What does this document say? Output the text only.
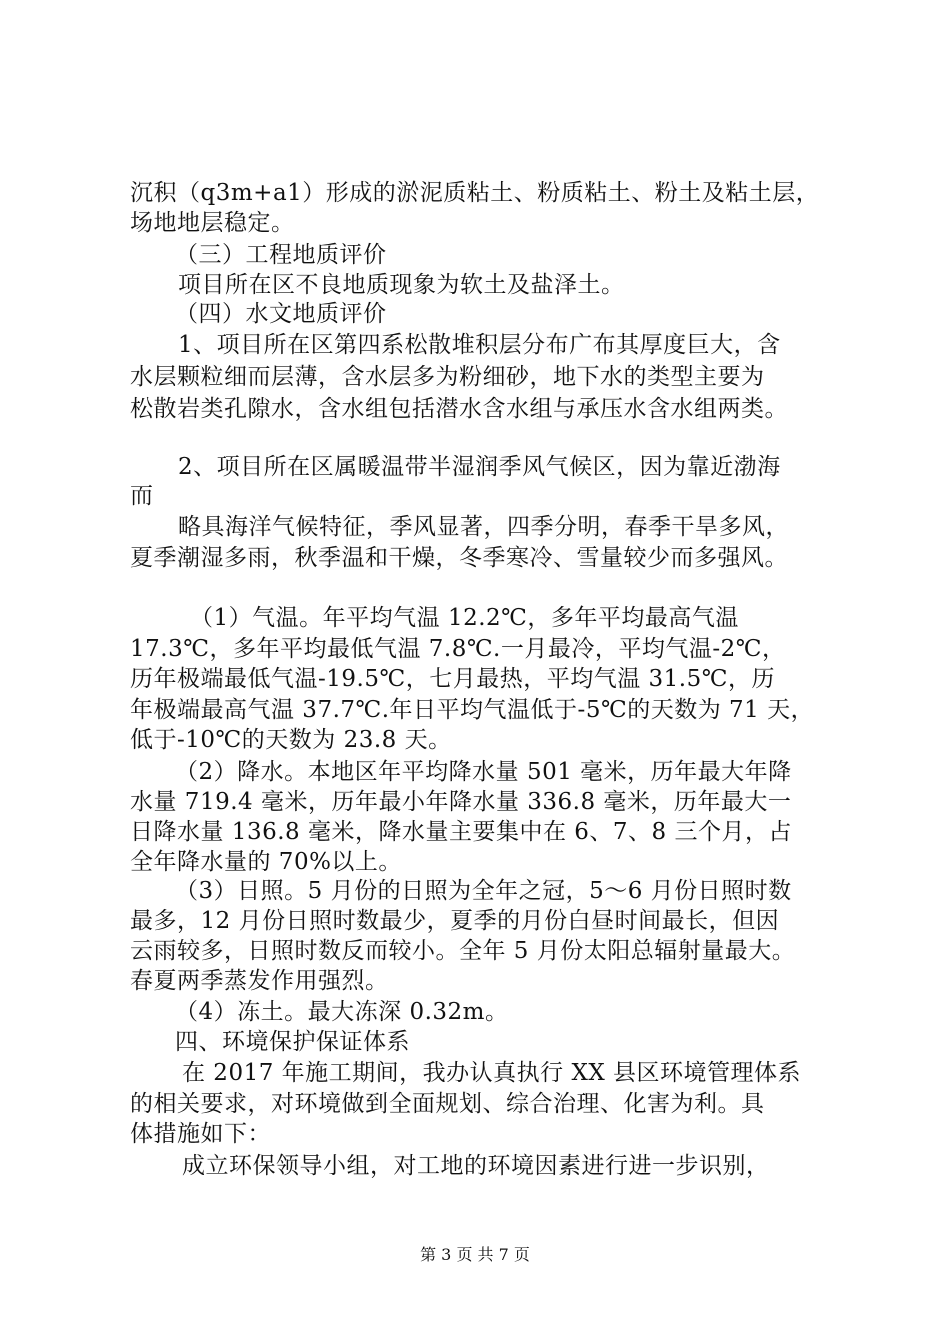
沉积（q3m+a1）形成的淤泥质粘土、粉质粘土、粉土及粘土层，
场地地层稳定。
（三）工程地质评价
项目所在区不良地质现象为软土及盐泽土。
（四）水文地质评价
1、项目所在区第四系松散堆积层分布广布其厚度巨大，含
水层颗粒细而层薄，含水层多为粉细砂，地下水的类型主要为
松散岩类孔隙水，含水组包括潜水含水组与承压水含水组两类。
2、项目所在区属暖温带半湿润季风气候区，因为靠近渤海
而
略具海洋气候特征，季风显著，四季分明，春季干旱多风，
夏季潮湿多雨，秋季温和干燥，冬季寒冷、雪量较少而多强风。
（1）气温。年平均气温 12.2℃，多年平均最高气温
17.3℃，多年平均最低气温 7.8℃.一月最冷，平均气温-2℃，
历年极端最低气温-19.5℃，七月最热，平均气温 31.5℃，历
年极端最高气温 37.7℃.年日平均气温低于-5℃的天数为 71 天，
低于-10℃的天数为 23.8 天。
（2）降水。本地区年平均降水量 501 毫米，历年最大年降
水量 719.4 毫米，历年最小年降水量 336.8 毫米，历年最大一
日降水量 136.8 毫米，降水量主要集中在 6、7、8 三个月，占
全年降水量的 70%以上。
（3）日照。5 月份的日照为全年之冠，5～6 月份日照时数
最多，12 月份日照时数最少，夏季的月份白昼时间最长，但因
云雨较多，日照时数反而较小。全年 5 月份太阳总辐射量最大。
春夏两季蒸发作用强烈。
（4）冻土。最大冻深 0.32m。
四、环境保护保证体系
在 2017 年施工期间，我办认真执行 XX 县区环境管理体系
的相关要求，对环境做到全面规划、综合治理、化害为利。具
体措施如下：
成立环保领导小组，对工地的环境因素进行进一步识别，
第 3 页 共 7 页
